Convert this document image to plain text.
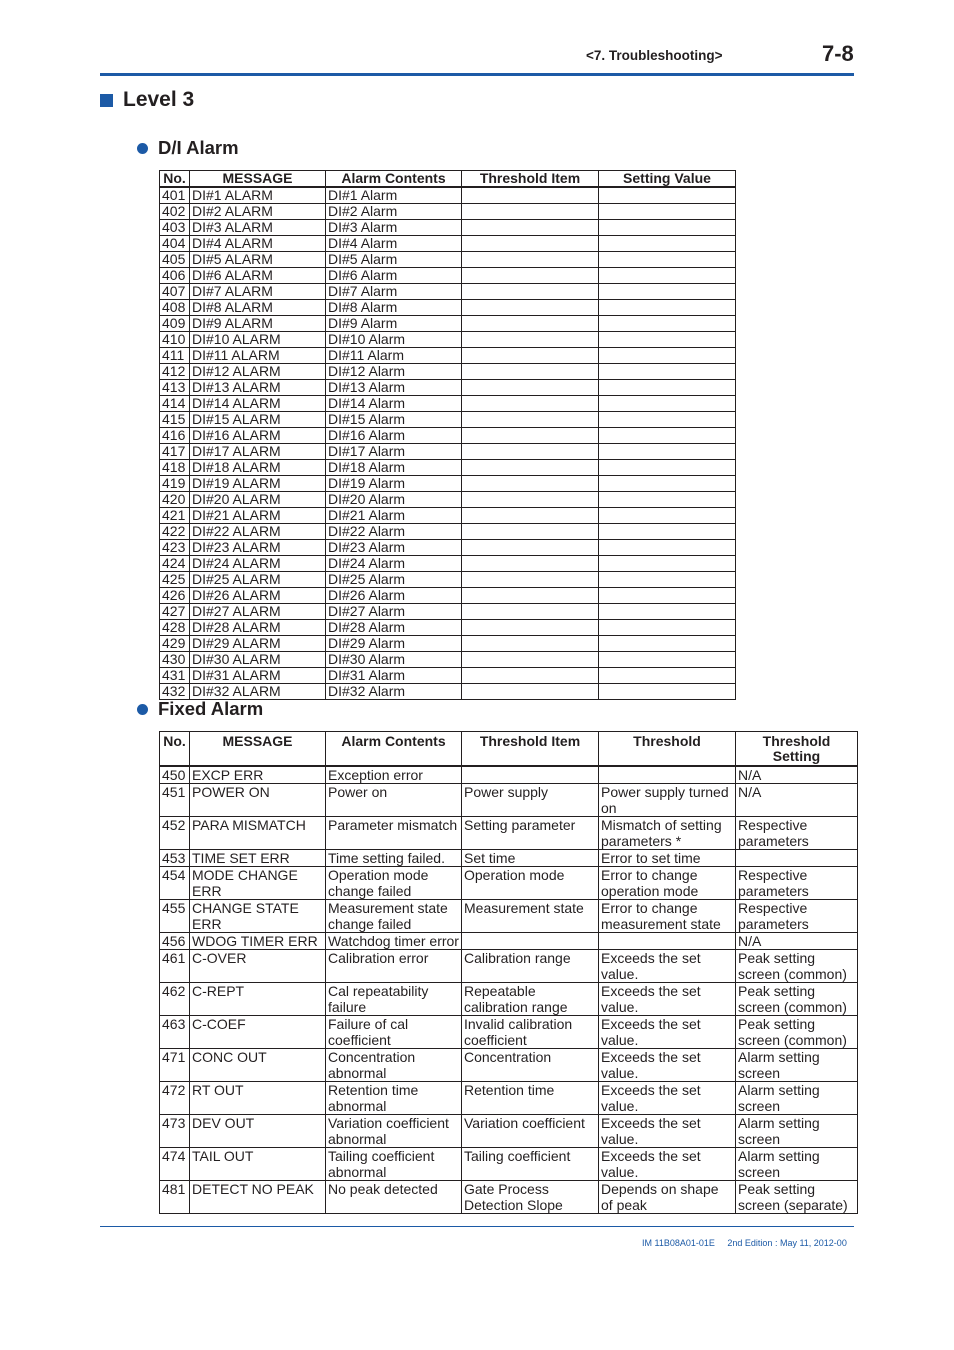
<7. Troubleshooting>	7-8
Level 3
D/I Alarm
No.	MESSAGE	Alarm Contents	Threshold Item	Setting Value
401	DI#1 ALARM	DI#1 Alarm		
402	DI#2 ALARM	DI#2 Alarm		
403	DI#3 ALARM	DI#3 Alarm		
404	DI#4 ALARM	DI#4 Alarm		
405	DI#5 ALARM	DI#5 Alarm		
406	DI#6 ALARM	DI#6 Alarm		
407	DI#7 ALARM	DI#7 Alarm		
408	DI#8 ALARM	DI#8 Alarm		
409	DI#9 ALARM	DI#9 Alarm		
410	DI#10 ALARM	DI#10 Alarm		
411	DI#11 ALARM	DI#11 Alarm		
412	DI#12 ALARM	DI#12 Alarm		
413	DI#13 ALARM	DI#13 Alarm		
414	DI#14 ALARM	DI#14 Alarm		
415	DI#15 ALARM	DI#15 Alarm		
416	DI#16 ALARM	DI#16 Alarm		
417	DI#17 ALARM	DI#17 Alarm		
418	DI#18 ALARM	DI#18 Alarm		
419	DI#19 ALARM	DI#19 Alarm		
420	DI#20 ALARM	DI#20 Alarm		
421	DI#21 ALARM	DI#21 Alarm		
422	DI#22 ALARM	DI#22 Alarm		
423	DI#23 ALARM	DI#23 Alarm		
424	DI#24 ALARM	DI#24 Alarm		
425	DI#25 ALARM	DI#25 Alarm		
426	DI#26 ALARM	DI#26 Alarm		
427	DI#27 ALARM	DI#27 Alarm		
428	DI#28 ALARM	DI#28 Alarm		
429	DI#29 ALARM	DI#29 Alarm		
430	DI#30 ALARM	DI#30 Alarm		
431	DI#31 ALARM	DI#31 Alarm		
432	DI#32 ALARM	DI#32 Alarm		
Fixed Alarm
No.	MESSAGE	Alarm Contents	Threshold Item	Threshold	Threshold Setting
450	EXCP ERR	Exception error			N/A
451	POWER ON	Power on	Power supply	Power supply turned on	N/A
452	PARA MISMATCH	Parameter mismatch	Setting parameter	Mismatch of setting parameters *	Respective parameters
453	TIME SET ERR	Time setting failed.	Set time	Error to set time	
454	MODE CHANGE ERR	Operation mode change failed	Operation mode	Error to change operation mode	Respective parameters
455	CHANGE STATE ERR	Measurement state change failed	Measurement state	Error to change measurement state	Respective parameters
456	WDOG TIMER ERR	Watchdog timer error			N/A
461	C-OVER	Calibration error	Calibration range	Exceeds the set value.	Peak setting screen (common)
462	C-REPT	Cal repeatability failure	Repeatable calibration range	Exceeds the set value.	Peak setting screen (common)
463	C-COEF	Failure of cal coefficient	Invalid calibration coefficient	Exceeds the set value.	Peak setting screen (common)
471	CONC OUT	Concentration abnormal	Concentration	Exceeds the set value.	Alarm setting screen
472	RT OUT	Retention time abnormal	Retention time	Exceeds the set value.	Alarm setting screen
473	DEV OUT	Variation coefficient abnormal	Variation coefficient	Exceeds the set value.	Alarm setting screen
474	TAIL OUT	Tailing coefficient abnormal	Tailing coefficient	Exceeds the set value.	Alarm setting screen
481	DETECT NO PEAK	No peak detected	Gate Process Detection Slope	Depends on shape of peak	Peak setting screen (separate)
IM 11B08A01-01E 2nd Edition : May 11, 2012-00
